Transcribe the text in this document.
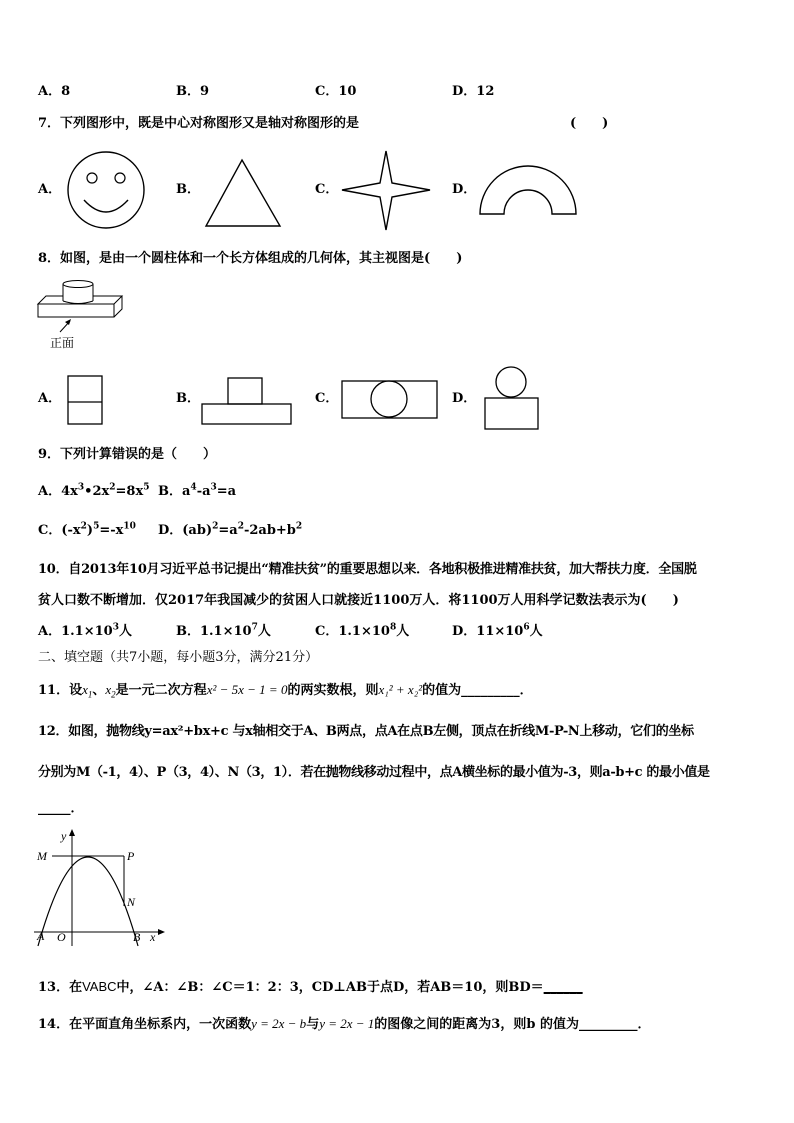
A．8	B．9	C．10	D．12
7．下列图形中，既是中心对称图形又是轴对称图形的是	(　　)
A．	B．	C．	D．
8．如图，是由一个圆柱体和一个长方体组成的几何体，其主视图是(　　)
正面
A．	B．	C．	D．
9．下列计算错误的是（　　）
A．$4x^3•2x^2=8x^5$ B．$a^4-a^3=a$
C．$(-x^2)^5=-x^{10}$ D．$(ab)^2=a^2-2ab+b^2$
10．自2013年10月习近平总书记提出“精准扶贫”的重要思想以来．各地积极推进精准扶贫，加大帮扶力度．全国脱
贫人口数不断增加．仅2017年我国减少的贫困人口就接近1100万人．将1100万人用科学记数法表示为(　　)
A．$1.1\times 10^3$人	B．$1.1\times 10^7$人	C．$1.1\times 10^8$人	D．$11\times 10^6$人
二、填空题（共7小题，每小题3分，满分21分）
11．设$x_1$、$x_2$是一元二次方程x² − 5x − 1 = 0的两实数根，则x₁² + x₂²的值为_________．
12．如图，抛物线y=ax²+bx+c 与x轴相交于A、B两点，点A在点B左侧，顶点在折线M-P-N上移动，它们的坐标
分别为M（-1，4）、P（3，4）、N（3，1）．若在抛物线移动过程中，点A横坐标的最小值为-3，则a-b+c 的最小值是
_____．
y
M	P
N
A O	B x
13．在VABC中，∠A：∠B：∠C＝1：2：3，CD⊥AB于点D，若AB＝10，则BD＝______
14．在平面直角坐标系内，一次函数y = 2x − b与y = 2x − 1的图像之间的距离为3，则b 的值为_________．
